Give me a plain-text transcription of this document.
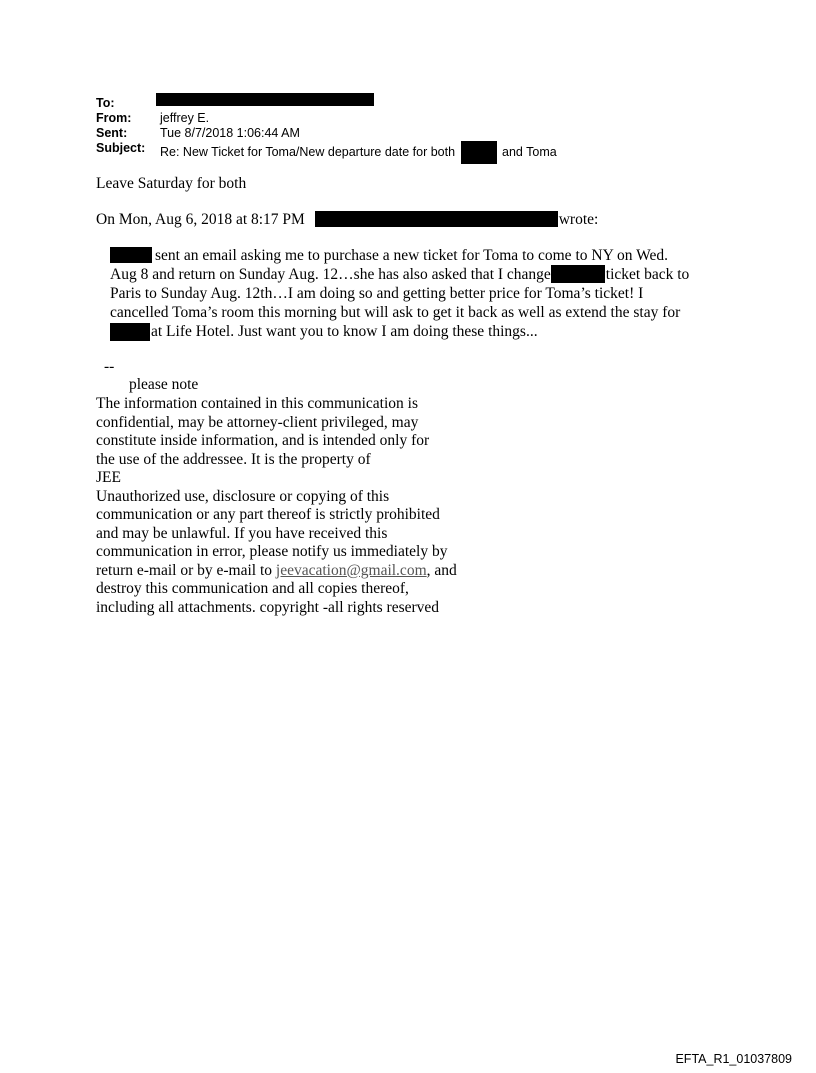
To:
From: jeffrey E.
Sent:	Tue 8/7/2018 1:06:44 AM
Subject: Re: New Ticket for Toma/New departure date for both	and Toma
Leave Saturday for both
On Mon, Aug 6, 2018 at 8:17 PM	wrote:
sent an email asking me to purchase a new ticket for Toma to come to NY on Wed.
Aug 8 and return on Sunday Aug. 12…she has also asked that I change	ticket back to
Paris to Sunday Aug. 12th…I am doing so and getting better price for Toma’s ticket! I
cancelled Toma’s room this morning but will ask to get it back as well as extend the stay for
at Life Hotel. Just want you to know I am doing these things...
--
please note
The information contained in this communication is
confidential, may be attorney-client privileged, may
constitute inside information, and is intended only for
the use of the addressee. It is the property of
JEE
Unauthorized use, disclosure or copying of this
communication or any part thereof is strictly prohibited
and may be unlawful. If you have received this
communication in error, please notify us immediately by
return e-mail or by e-mail to jeevacation@gmail.com, and
destroy this communication and all copies thereof,
including all attachments. copyright -all rights reserved
EFTA_R1_01037809
